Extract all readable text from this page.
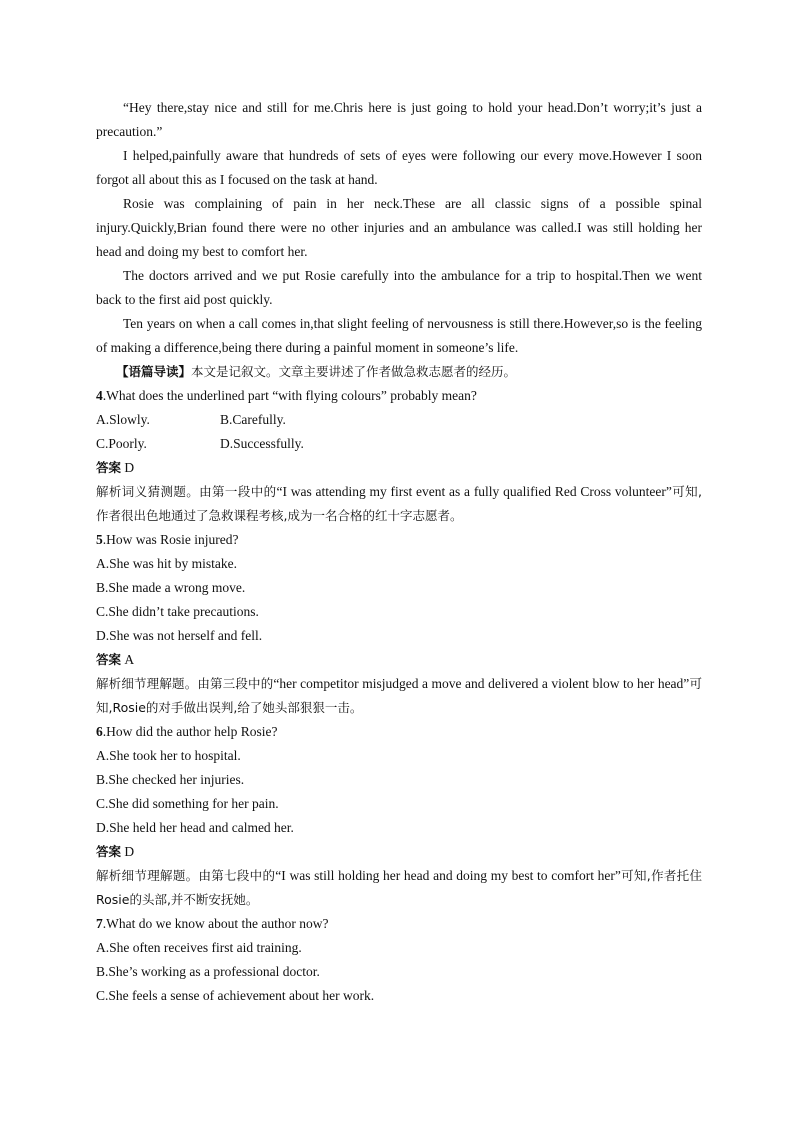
“Hey there,stay nice and still for me.Chris here is just going to hold your head.Don’t worry;it’s just a precaution.”

I helped,painfully aware that hundreds of sets of eyes were following our every move.However I soon forgot all about this as I focused on the task at hand.

Rosie was complaining of pain in her neck.These are all classic signs of a possible spinal injury.Quickly,Brian found there were no other injuries and an ambulance was called.I was still holding her head and doing my best to comfort her.

The doctors arrived and we put Rosie carefully into the ambulance for a trip to hospital.Then we went back to the first aid post quickly.

Ten years on when a call comes in,that slight feeling of nervousness is still there.However,so is the feeling of making a difference,being there during a painful moment in someone’s life.

【语篇导读】本文是记叙文。文章主要讲述了作者做急救志愿者的经历。

4.What does the underlined part “with flying colours” probably mean?

A.Slowly.	B.Carefully.
C.Poorly.	D.Successfully.

答案 D

解析词义猜测题。由第一段中的“I was attending my first event as a fully qualified Red Cross volunteer”可知,作者很出色地通过了急救课程考核,成为一名合格的红十字志愿者。

5.How was Rosie injured?

A.She was hit by mistake.

B.She made a wrong move.

C.She didn’t take precautions.

D.She was not herself and fell.

答案 A

解析细节理解题。由第三段中的“her competitor misjudged a move and delivered a violent blow to her head”可知,Rosie的对手做出误判,给了她头部狠狠一击。

6.How did the author help Rosie?

A.She took her to hospital.

B.She checked her injuries.

C.She did something for her pain.

D.She held her head and calmed her.

答案 D

解析细节理解题。由第七段中的“I was still holding her head and doing my best to comfort her”可知,作者托住Rosie的头部,并不断安抚她。

7.What do we know about the author now?

A.She often receives first aid training.

B.She’s working as a professional doctor.

C.She feels a sense of achievement about her work.
